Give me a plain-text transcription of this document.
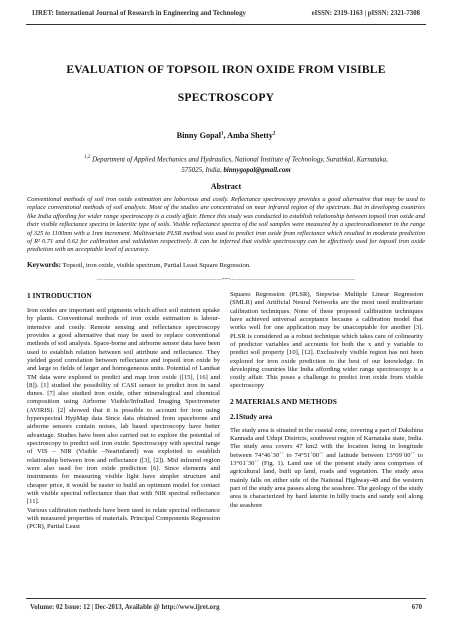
IJRET: International Journal of Research in Engineering and Technology	eISSN: 2319-1163 | pISSN: 2321-7308
EVALUATION OF TOPSOIL IRON OXIDE FROM VISIBLE
SPECTROSCOPY
Binny Gopal$^1$, Amba Shetty$^2$
$^{1,2}$ Department of Applied Mechanics and Hydraulics, National Institute of Technology, Surathkal, Karnataka,
575025, India, binnygopal@gmail.com
Abstract
Conventional methods of soil iron oxide estimation are laborious and costly. Reflectance spectroscopy provides a good alternative that may be used to replace conventional methods of soil analysis. Most of the studies are concentrated on near infrared region of the spectrum. But in developing countries like India affording for wider range spectroscopy is a costly affair. Hence this study was conducted to establish relationship between topsoil iron oxide and their visible reflectance spectra in lateritic type of soils. Visible reflectance spectra of the soil samples were measured by a spectroradiometer in the range of 325 to 1100nm with a 1nm increment. Multivariate PLSR method was used to predict iron oxide from reflectance which resulted in moderate prediction of R² 0.71 and 0.62 for calibration and validation respectively. It can be inferred that visible spectroscopy can be effectively used for topsoil iron oxide prediction with an acceptable level of accuracy.
Keywords: Topsoil, iron oxide, visible spectrum, Partial Least Square Regression.
-----------------------------------------------------------------------***-----------------------------------------------------------------------
1 INTRODUCTION

Iron oxides are important soil pigments which affect soil nutrient uptake by plants. Conventional methods of iron oxide estimation is labour-intensive and costly. Remote sensing and reflectance spectroscopy provides a good alternative that may be used to replace conventional methods of soil analysis. Space-borne and airborne sensor data have been used to establish relation between soil attribute and reflectance. They yielded good correlation between reflectance and topsoil iron oxide by and large to fields of larger and homogeneous units. Potential of Landsat TM data were explored to predict and map iron oxide ([15], [16] and [8]). [1] studied the possibility of CASI sensor to predict iron in sand dunes. [7] also studied iron oxide, other mineralogical and chemical composition using Airborne Visible/InfraRed Imaging Spectrometer (AVIRIS). [2] showed that it is possible to account for iron using hyperspectral HypMap data Since data obtained from spaceborne and airborne sensors contain noises, lab based spectroscopy have better advantage. Studies have been also carried out to explore the potential of spectroscopy to predict soil iron oxide. Spectroscopy with spectral range of VIS – NIR (Visible –Nearinfared) was exploited to establish relationship between iron and reflectance ([3], [2]). Mid infrared region were also used for iron oxide prediction [6]. Since elements and instruments for measuring visible light have simpler structure and cheaper price, it would be easier to build an optimum model for contact with visible spectral reflectance than that with NIR spectral reflectance [11].

Various calibration methods have been used to relate spectral reflectance with measured properties of materials. Principal Components Regression (PCR), Partial Least

Squares Regression (PLSR), Stepwise Multiple Linear Regression (SMLR) and Artificial Neural Networks are the most used multivariate calibration techniques. None of these proposed calibration techniques have achieved universal acceptance because a calibration model that works well for one application may be unacceptable for another [3]. PLSR is considered as a robust technique which takes care of colinearity of predictor variables and accounts for both the x and y variable to predict soil property [10], [12]. Exclusively visible region has not been explored for iron oxide prediction to the best of our knowledge. In developing countries like India affording wider range spectroscopy is a costly affair. This poses a challenge to predict iron oxide from visible spectroscopy

2 MATERIALS AND METHODS
2.1Study area

The study area is situated in the coastal zone, covering a part of Dakshina Kannada and Udupi Districts, southwest region of Karnataka state, India. The study area covers 47 km2 with the location being in longitude between 74°46´30´´ to 74°51´00´´ and latitude between 13°09´00´´ to 13°01´30´´ (Fig. 1). Land use of the present study area comprises of agricultural land, built up land, roads and vegetation. The study area mainly falls on either side of the National Highway-48 and the western part of the study area passes along the seashore. The geology of the study area is characterized by hard laterite in hilly tracts and sandy soil along the seashore

Volume: 02 Issue: 12 | Dec-2013, Available @ http://www.ijret.org	670
